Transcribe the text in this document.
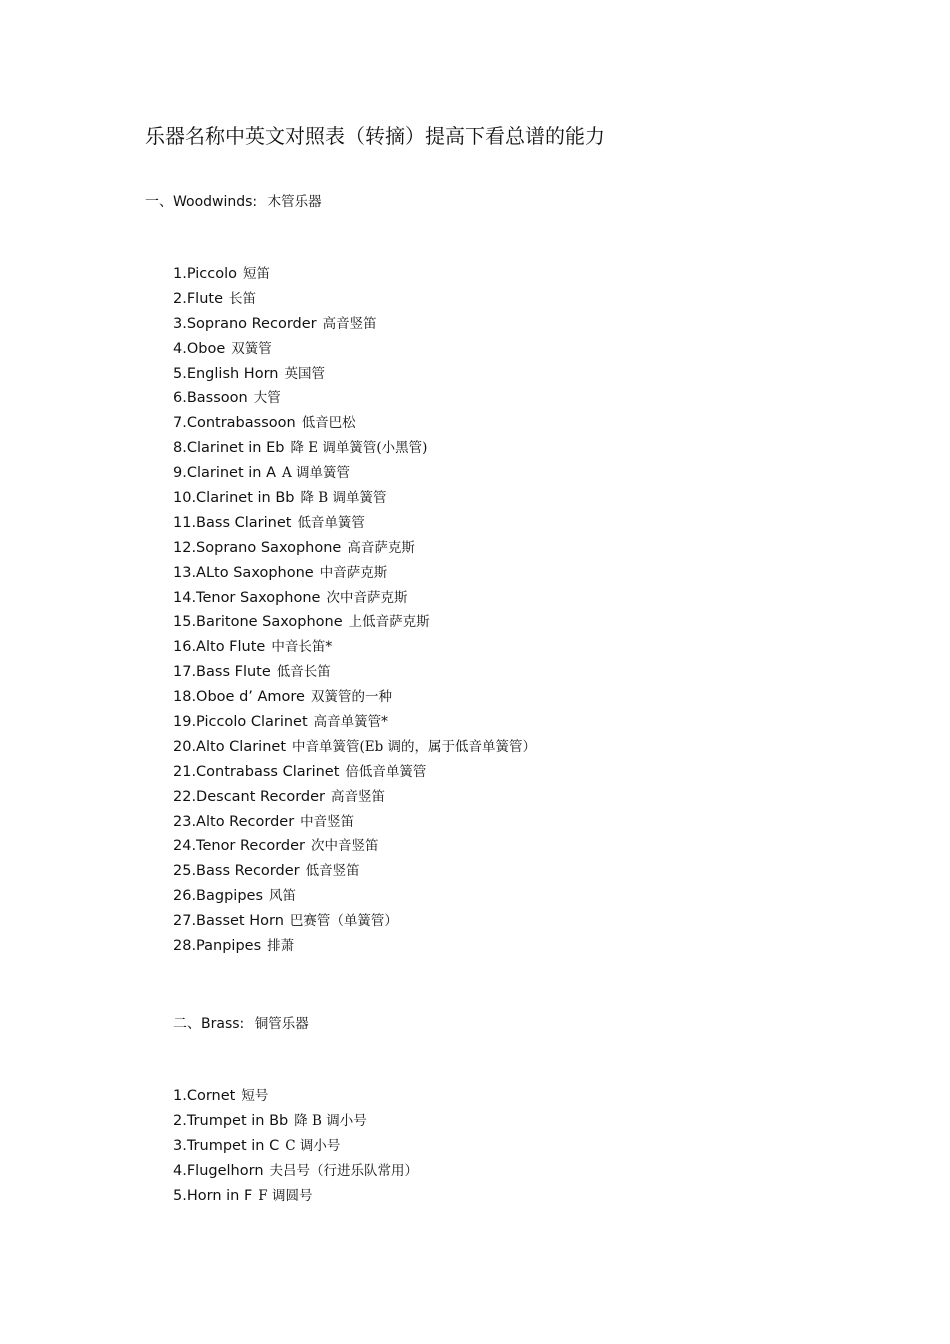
乐器名称中英文对照表（转摘）提高下看总谱的能力
一、Woodwinds: 木管乐器
1.Piccolo 短笛
2.Flute 长笛
3.Soprano Recorder 高音竖笛
4.Oboe 双簧管
5.English Horn 英国管
6.Bassoon 大管
7.Contrabassoon 低音巴松
8.Clarinet in Eb 降 E 调单簧管(小黑管)
9.Clarinet in A A 调单簧管
10.Clarinet in Bb 降 B 调单簧管
11.Bass Clarinet 低音单簧管
12.Soprano Saxophone 高音萨克斯
13.ALto Saxophone 中音萨克斯
14.Tenor Saxophone 次中音萨克斯
15.Baritone Saxophone 上低音萨克斯
16.Alto Flute 中音长笛*
17.Bass Flute 低音长笛
18.Oboe d’ Amore 双簧管的一种
19.Piccolo Clarinet 高音单簧管*
20.Alto Clarinet 中音单簧管(Eb 调的，属于低音单簧管）
21.Contrabass Clarinet 倍低音单簧管
22.Descant Recorder 高音竖笛
23.Alto Recorder 中音竖笛
24.Tenor Recorder 次中音竖笛
25.Bass Recorder 低音竖笛
26.Bagpipes 风笛
27.Basset Horn 巴赛管（单簧管）
28.Panpipes 排萧
二、Brass: 铜管乐器
1.Cornet 短号
2.Trumpet in Bb 降 B 调小号
3.Trumpet in C C 调小号
4.Flugelhorn 夫吕号（行进乐队常用）
5.Horn in F F 调圆号
